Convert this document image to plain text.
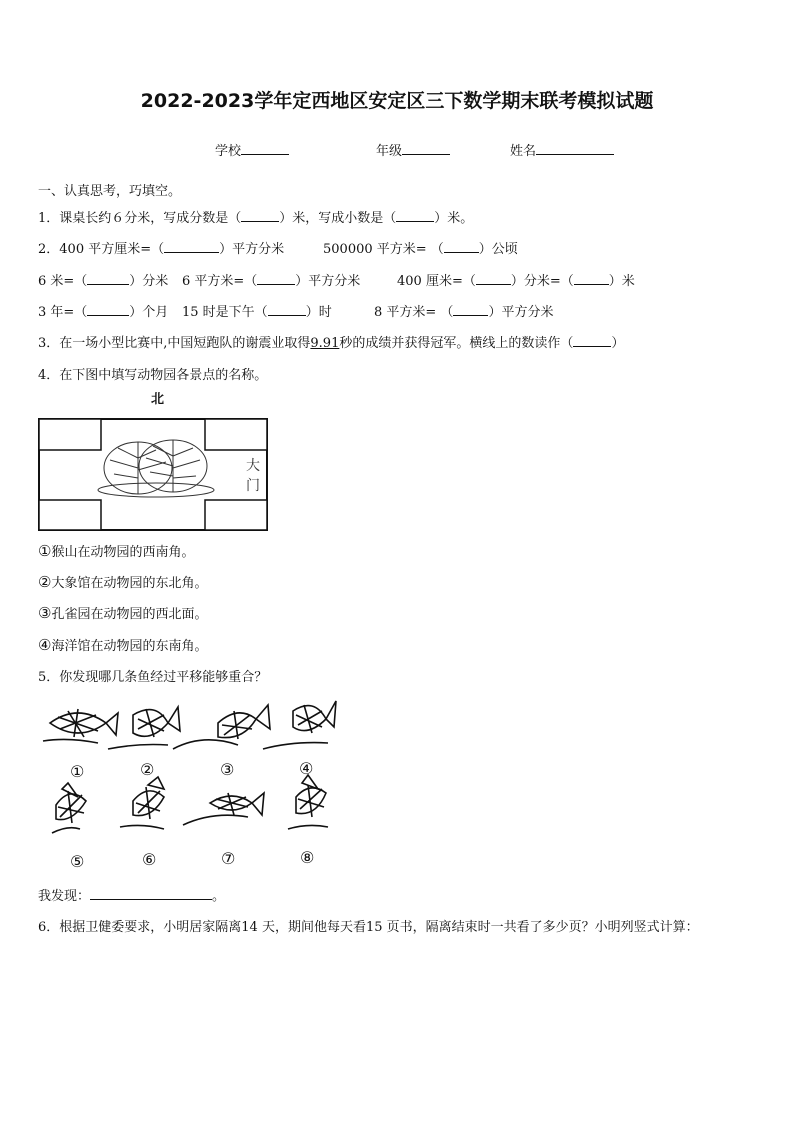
2022-2023学年定西地区安定区三下数学期末联考模拟试题
学校	年级	姓名
一、认真思考，巧填空。
1．课桌长约６分米，写成分数是（	）米，写成小数是（	）米。
2．400 平方厘米=（	）平方分米	500000 平方米= （	）公顷
6 米=（	）分米 6 平方米=（	）平方分米	400 厘米=（	）分米=（	）米
3 年=（	）个月 15 时是下午（	）时	8 平方米= （	）平方分米
3．在一场小型比赛中,中国短跑队的谢震业取得9.91秒的成绩并获得冠军。横线上的数读作（	）
4．在下图中填写动物园各景点的名称。
北
大
门
①猴山在动物园的西南角。
②大象馆在动物园的东北角。
③孔雀园在动物园的西北面。
④海洋馆在动物园的东南角。
5．你发现哪几条鱼经过平移能够重合？
①	②	③	④
⑤	⑥	⑦	⑧
我发现：	。
6．根据卫健委要求，小明居家隔离14 天，期间他每天看15 页书，隔离结束时一共看了多少页？小明列竖式计算：
